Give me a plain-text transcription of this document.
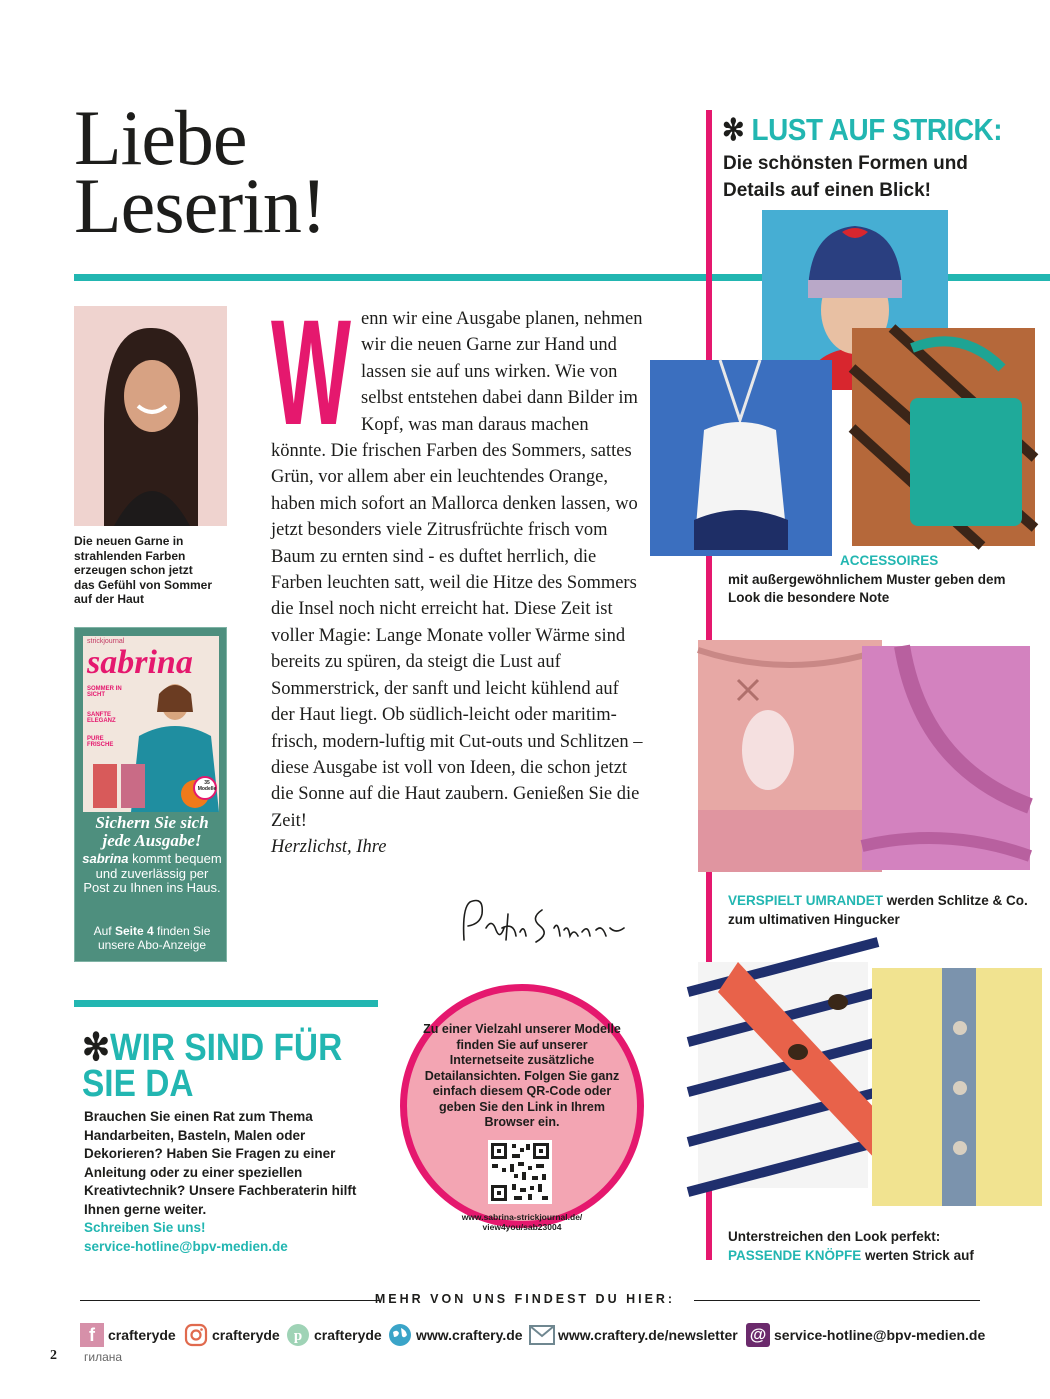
Liebe
Leserin!
Die neuen Garne in strahlenden Farben erzeugen schon jetzt das Gefühl von Sommer auf der Haut
strickjournal
sabrina
SOMMER IN SICHT
SANFTE ELEGANZ
PURE FRISCHE
35 Modelle
Sichern Sie sich jede Ausgabe!
sabrina kommt bequem und zuverlässig per Post zu Ihnen ins Haus.
Auf Seite 4 finden Sie unsere Abo-Anzeige
W enn wir eine Ausgabe planen, nehmen wir die neuen Garne zur Hand und lassen sie auf uns wirken. Wie von selbst entstehen dabei dann Bilder im Kopf, was man daraus machen könnte. Die frischen Farben des Sommers, sattes Grün, vor allem aber ein leuchtendes Orange, haben mich sofort an Mallorca denken lassen, wo jetzt besonders viele Zitrusfrüchte frisch vom Baum zu ernten sind - es duftet herrlich, die Farben leuchten satt, weil die Hitze des Sommers die Insel noch nicht erreicht hat. Diese Zeit ist voller Magie: Lange Monate voller Wärme sind bereits zu spüren, da steigt die Lust auf Sommerstrick, der sanft und leicht kühlend auf der Haut liegt. Ob südlich-leicht oder maritim-frisch, modern-luftig mit Cut-outs und Schlitzen – diese Ausgabe ist voll von Ideen, die schon jetzt die Sonne auf die Haut zaubern. Genießen Sie die Zeit!
Herzlichst, Ihre
✻ LUST AUF STRICK:
Die schönsten Formen und Details auf einen Blick!
ACCESSOIRES
mit außergewöhnlichem Muster geben dem Look die besondere Note
VERSPIELT UMRANDET werden Schlitze & Co. zum ultimativen Hingucker
Unterstreichen den Look perfekt:
PASSENDE KNÖPFE werten Strick auf
✻WIR SIND FÜR
SIE DA
Brauchen Sie einen Rat zum Thema Handarbeiten, Basteln, Malen oder Dekorieren? Haben Sie Fragen zu einer Anleitung oder zu einer speziellen Kreativtechnik? Unsere Fachberaterin hilft Ihnen gerne weiter.
Schreiben Sie uns!
service-hotline@bpv-medien.de
Zu einer Vielzahl unserer Modelle finden Sie auf unserer Internetseite zusätzliche Detailansichten. Folgen Sie ganz einfach diesem QR-Code oder geben Sie den Link in Ihrem Browser ein.
www.sabrina-strickjournal.de/
view4you/sab23004
MEHR VON UNS FINDEST DU HIER:
f crafteryde	crafteryde p crafteryde www.craftery.de	www.craftery.de/newsletter @ service-hotline@bpv-medien.de
2 гилана
